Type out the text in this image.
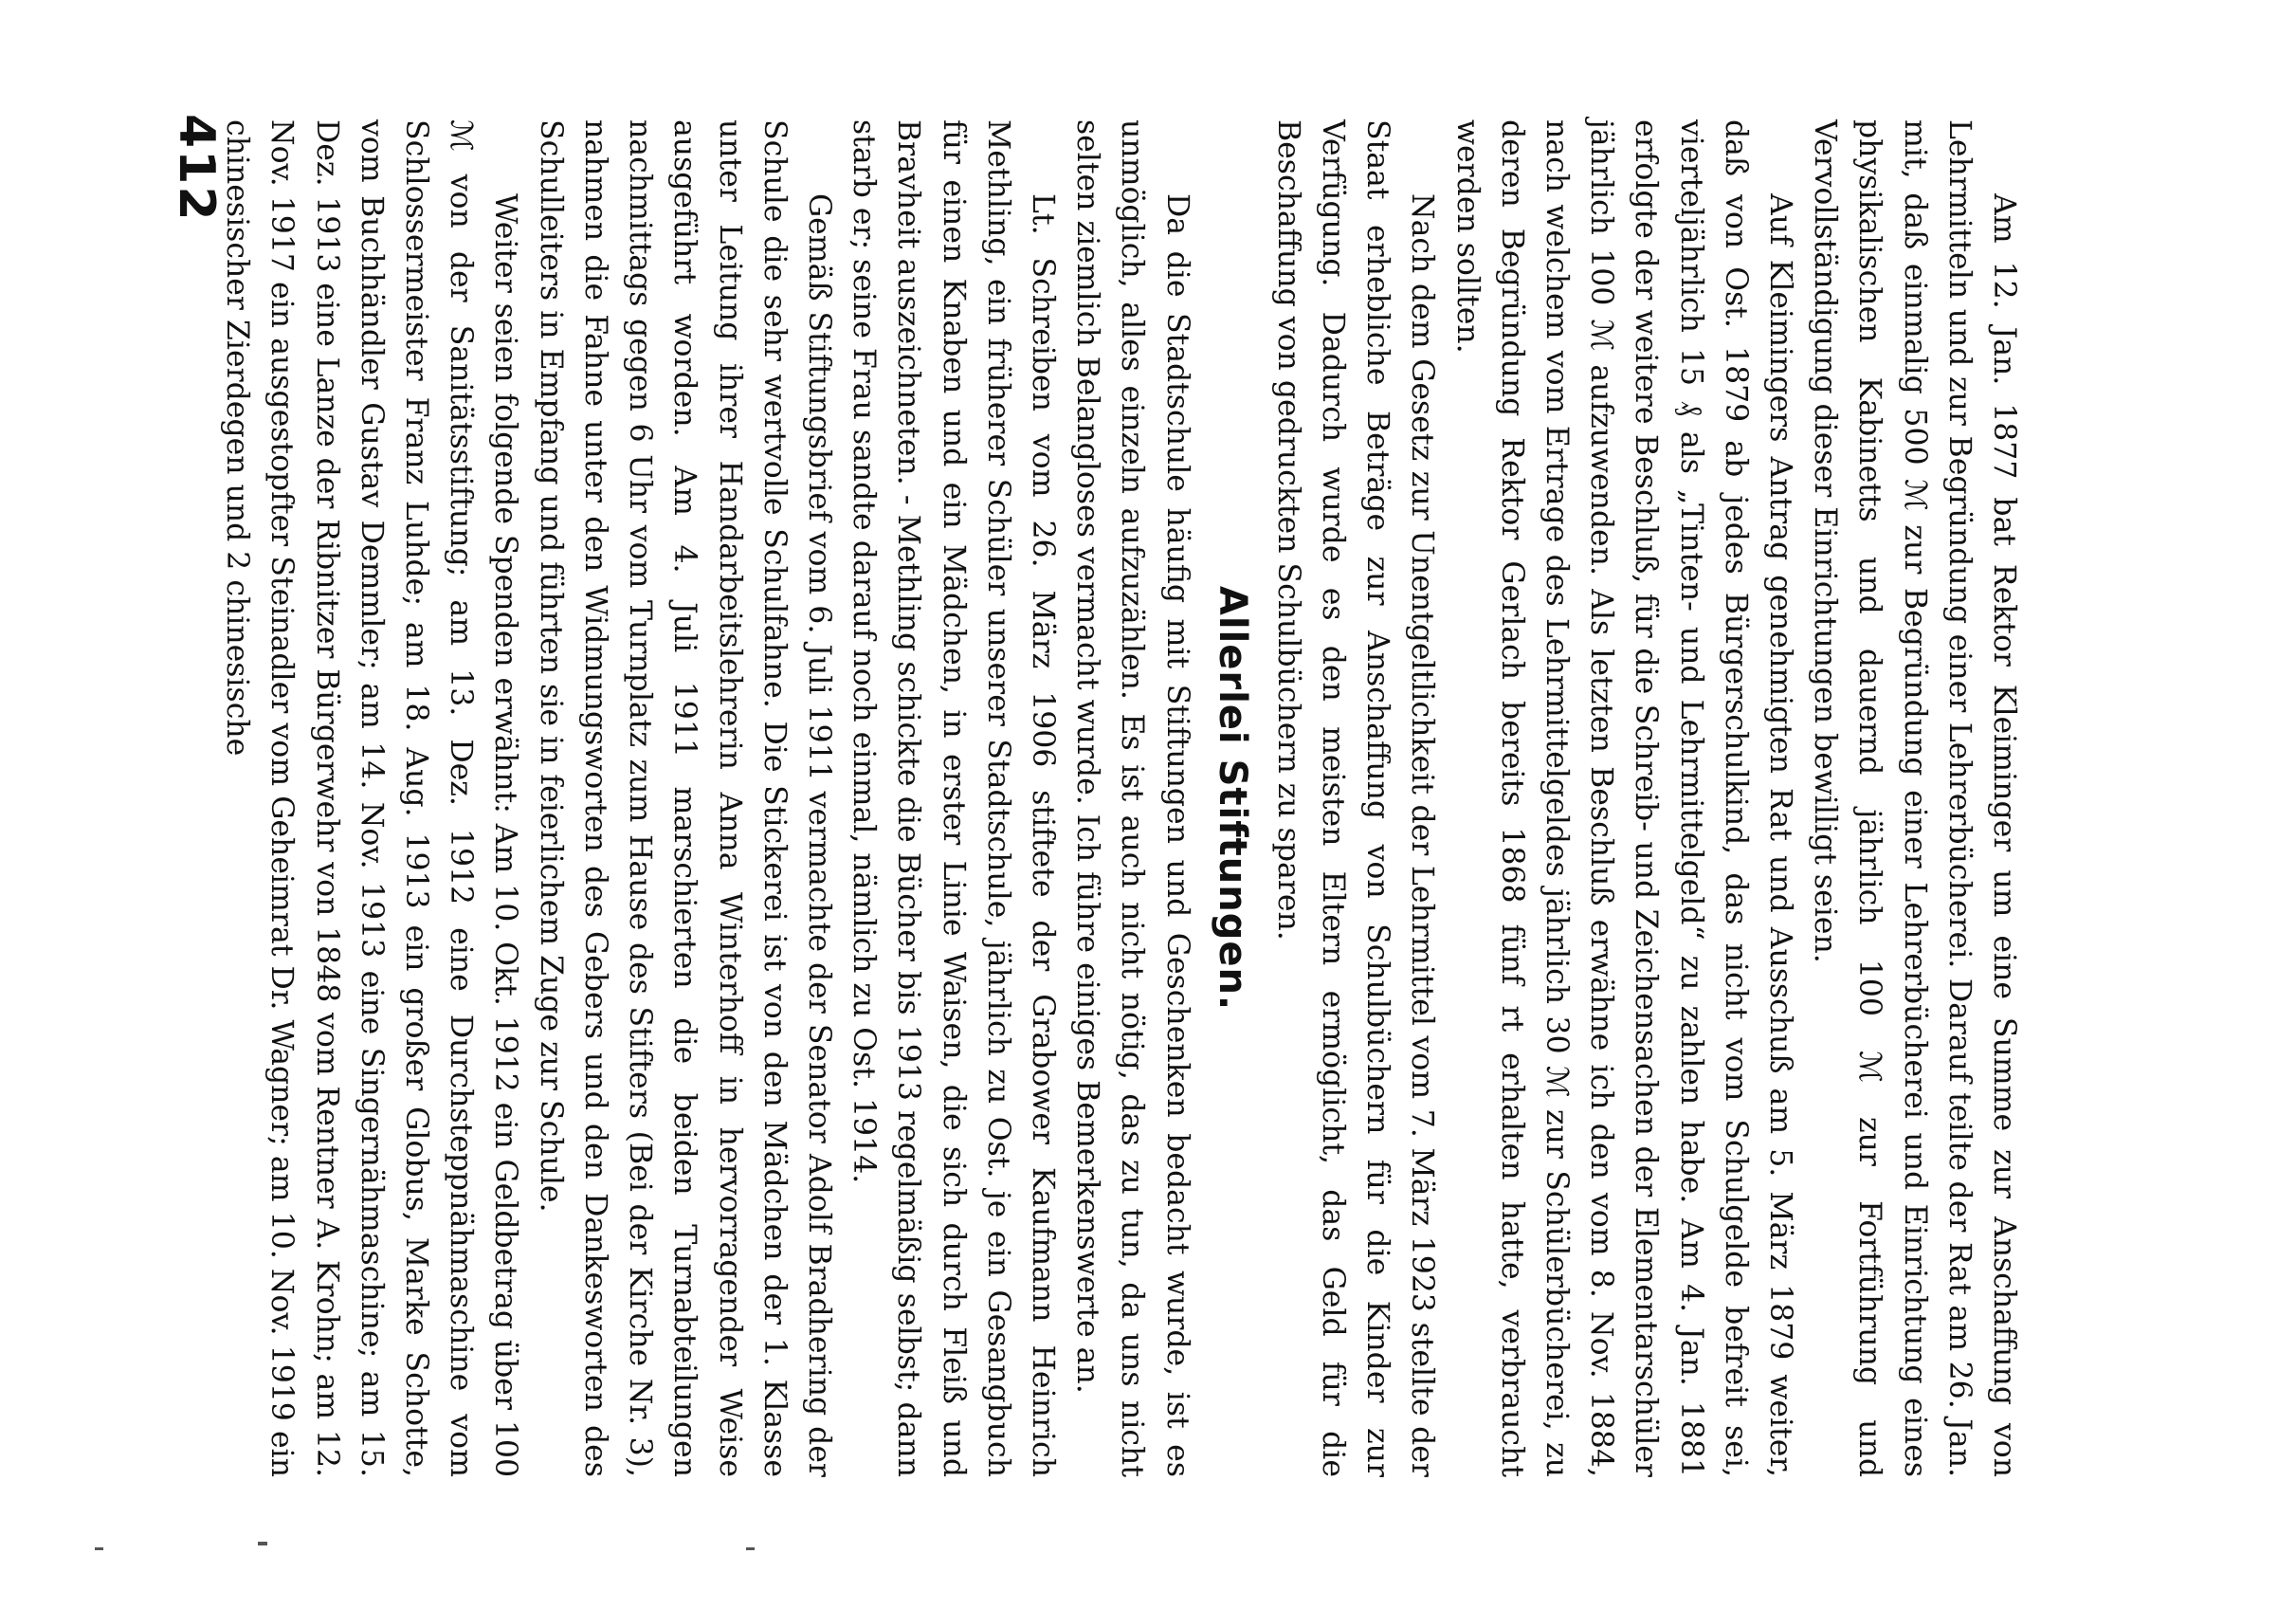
412

Am 12. Jan. 1877 bat Rektor Kleiminger um eine Summe zur Anschaffung von Lehrmitteln und zur Begründung einer Lehrerbücherei. Darauf teilte der Rat am 26. Jan. mit, daß einmalig 500 ℳ zur Begründung einer Lehrerbücherei und Einrichtung eines physikalischen Kabinetts und dauernd jährlich 100 ℳ zur Fortführung und Vervollständigung dieser Einrichtungen bewilligt seien.

Auf Kleimingers Antrag genehmigten Rat und Ausschuß am 5. März 1879 weiter, daß von Ost. 1879 ab jedes Bürgerschulkind, das nicht vom Schulgelde befreit sei, vierteljährlich 15 ₰ als „Tinten- und Lehrmittelgeld“ zu zahlen habe. Am 4. Jan. 1881 erfolgte der weitere Beschluß, für die Schreib- und Zeichensachen der Elementarschüler jährlich 100 ℳ aufzuwenden. Als letzten Beschluß erwähne ich den vom 8. Nov. 1884, nach welchem vom Ertrage des Lehrmittelgeldes jährlich 30 ℳ zur Schülerbücherei, zu deren Begründung Rektor Gerlach bereits 1868 fünf rt erhalten hatte, verbraucht werden sollten.

Nach dem Gesetz zur Unentgeltlichkeit der Lehrmittel vom 7. März 1923 stellte der Staat erhebliche Beträge zur Anschaffung von Schulbüchern für die Kinder zur Verfügung. Dadurch wurde es den meisten Eltern ermöglicht, das Geld für die Beschaffung von gedruckten Schulbüchern zu sparen.

Allerlei Stiftungen.

Da die Stadtschule häufig mit Stiftungen und Geschenken bedacht wurde, ist es unmöglich, alles einzeln aufzuzählen. Es ist auch nicht nötig, das zu tun, da uns nicht selten ziemlich Belangloses vermacht wurde. Ich führe einiges Bemerkenswerte an.

Lt. Schreiben vom 26. März 1906 stiftete der Grabower Kaufmann Heinrich Methling, ein früherer Schüler unserer Stadtschule, jährlich zu Ost. je ein Gesangbuch für einen Knaben und ein Mädchen, in erster Linie Waisen, die sich durch Fleiß und Bravheit auszeichneten. - Methling schickte die Bücher bis 1913 regelmäßig selbst; dann starb er; seine Frau sandte darauf noch einmal, nämlich zu Ost. 1914.

Gemäß Stiftungsbrief vom 6. Juli 1911 vermachte der Senator Adolf Bradhering der Schule die sehr wertvolle Schulfahne. Die Stickerei ist von den Mädchen der 1. Klasse unter Leitung ihrer Handarbeitslehrerin Anna Winterhoff in hervorragender Weise ausgeführt worden. Am 4. Juli 1911 marschierten die beiden Turnabteilungen nachmittags gegen 6 Uhr vom Turnplatz zum Hause des Stifters (Bei der Kirche Nr. 3), nahmen die Fahne unter den Widmungsworten des Gebers und den Dankesworten des Schulleiters in Empfang und führten sie in feierlichem Zuge zur Schule.

Weiter seien folgende Spenden erwähnt: Am 10. Okt. 1912 ein Geldbetrag über 100 ℳ von der Sanitätsstiftung; am 13. Dez. 1912 eine Durchsteppnähmaschine vom Schlossermeister Franz Luhde; am 18. Aug. 1913 ein großer Globus, Marke Schotte, vom Buchhändler Gustav Demmler; am 14. Nov. 1913 eine Singernähmaschine; am 15. Dez. 1913 eine Lanze der Ribnitzer Bürgerwehr von 1848 vom Rentner A. Krohn; am 12. Nov. 1917 ein ausgestopfter Steinadler vom Geheimrat Dr. Wagner; am 10. Nov. 1919 ein chinesischer Zierdegen und 2 chinesische
